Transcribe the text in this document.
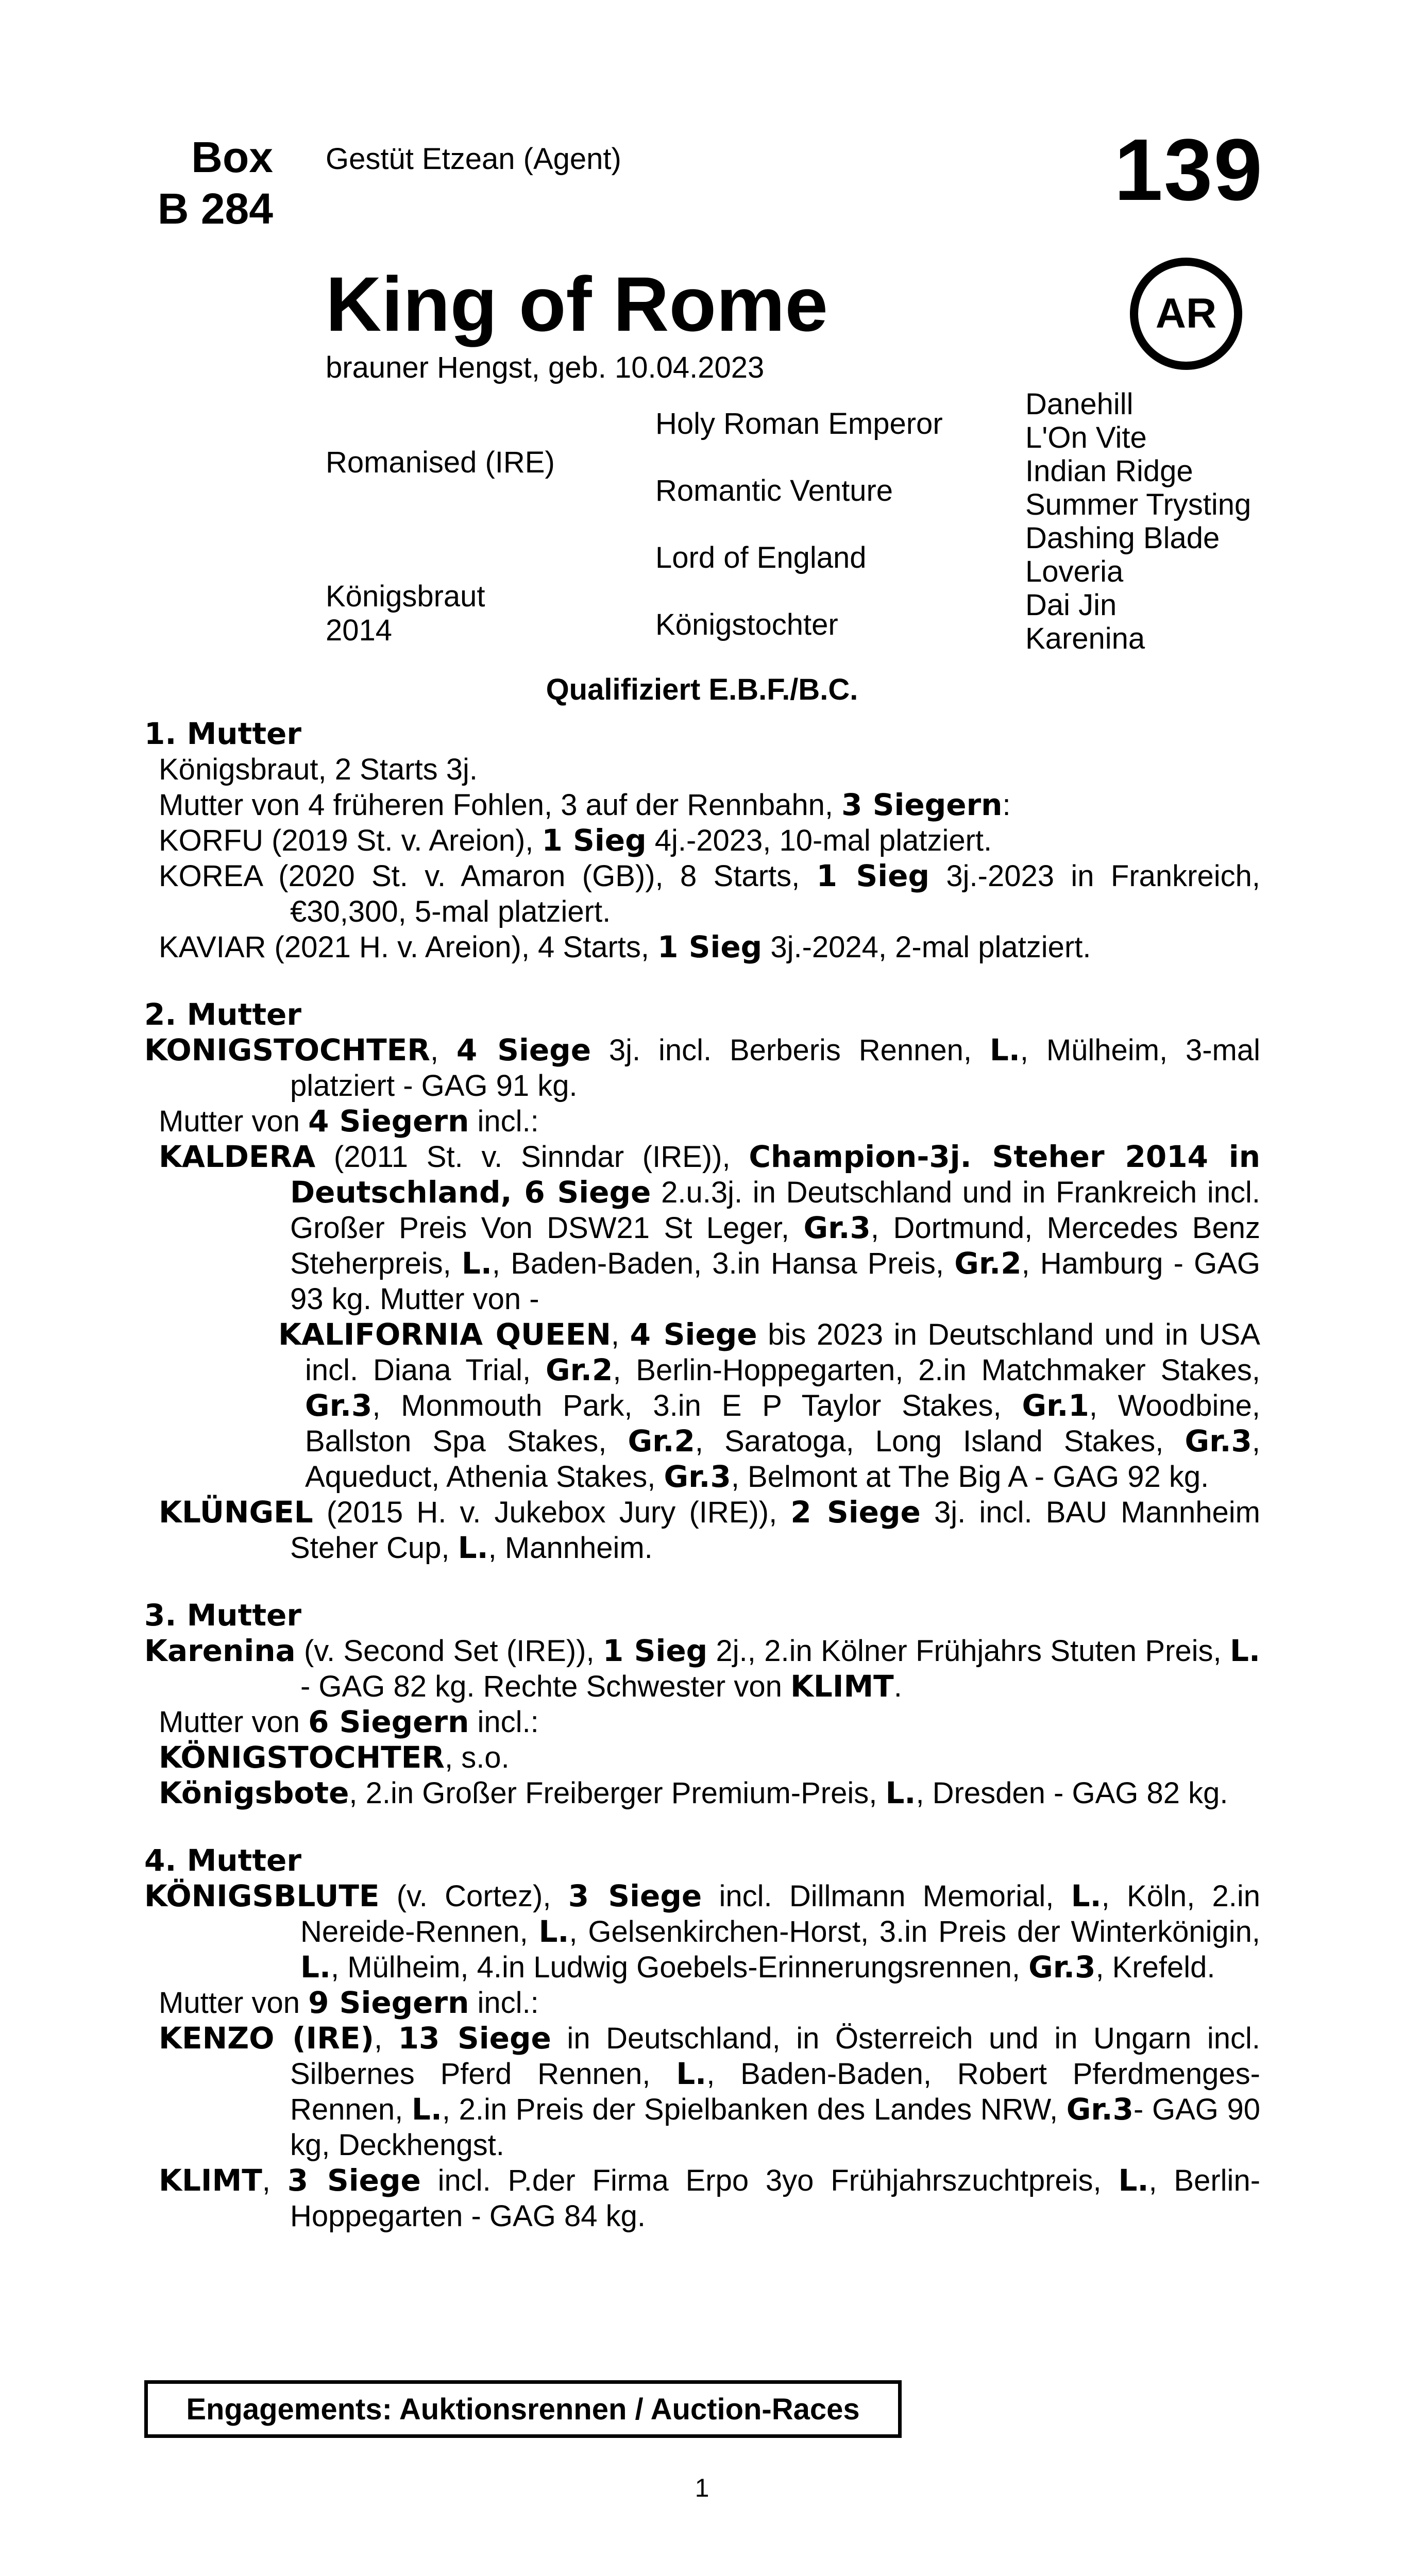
Box
B 284
Gestüt Etzean (Agent)	139
AR
King of Rome
brauner Hengst, geb. 10.04.2023
Romanised (IRE)
Königsbraut
2014
Holy Roman Emperor
Romantic Venture
Lord of England
Königstochter
Danehill
L'On Vite
Indian Ridge
Summer Trysting
Dashing Blade
Loveria
Dai Jin
Karenina
Qualifiziert E.B.F./B.C.

1. Mutter

Königsbraut, 2 Starts 3j.

Mutter von 4 früheren Fohlen, 3 auf der Rennbahn, 3 Siegern:

KORFU (2019 St. v. Areion), 1 Sieg 4j.-2023, 10-mal platziert.

KOREA (2020 St. v. Amaron (GB)), 8 Starts, 1 Sieg 3j.-2023 in Frankreich, €30,300, 5-mal platziert.

KAVIAR (2021 H. v. Areion), 4 Starts, 1 Sieg 3j.-2024, 2-mal platziert.

2. Mutter

KONIGSTOCHTER, 4 Siege 3j. incl. Berberis Rennen, L., Mülheim, 3-mal platziert - GAG 91 kg.

Mutter von 4 Siegern incl.:

KALDERA (2011 St. v. Sinndar (IRE)), Champion-3j. Steher 2014 in Deutschland, 6 Siege 2.u.3j. in Deutschland und in Frankreich incl. Großer Preis Von DSW21 St Leger, Gr.3, Dortmund, Mercedes Benz Steherpreis, L., Baden-Baden, 3.in Hansa Preis, Gr.2, Hamburg - GAG 93 kg. Mutter von -

KALIFORNIA QUEEN, 4 Siege bis 2023 in Deutschland und in USA incl. Diana Trial, Gr.2, Berlin-Hoppegarten, 2.in Matchmaker Stakes, Gr.3, Monmouth Park, 3.in E P Taylor Stakes, Gr.1, Woodbine, Ballston Spa Stakes, Gr.2, Saratoga, Long Island Stakes, Gr.3, Aqueduct, Athenia Stakes, Gr.3, Belmont at The Big A - GAG 92 kg.

KLÜNGEL (2015 H. v. Jukebox Jury (IRE)), 2 Siege 3j. incl. BAU Mannheim Steher Cup, L., Mannheim.

3. Mutter

Karenina (v. Second Set (IRE)), 1 Sieg 2j., 2.in Kölner Frühjahrs Stuten Preis, L. - GAG 82 kg. Rechte Schwester von KLIMT.

Mutter von 6 Siegern incl.:

KÖNIGSTOCHTER, s.o.

Königsbote, 2.in Großer Freiberger Premium-Preis, L., Dresden - GAG 82 kg.

4. Mutter

KÖNIGSBLUTE (v. Cortez), 3 Siege incl. Dillmann Memorial, L., Köln, 2.in Nereide-Rennen, L., Gelsenkirchen-Horst, 3.in Preis der Winterkönigin, L., Mülheim, 4.in Ludwig Goebels-Erinnerungsrennen, Gr.3, Krefeld.

Mutter von 9 Siegern incl.:

KENZO (IRE), 13 Siege in Deutschland, in Österreich und in Ungarn incl. Silbernes Pferd Rennen, L., Baden-Baden, Robert Pferdmenges-Rennen, L., 2.in Preis der Spielbanken des Landes NRW, Gr.3- GAG 90 kg, Deckhengst.

KLIMT, 3 Siege incl. P.der Firma Erpo 3yo Frühjahrszuchtpreis, L., Berlin-Hoppegarten - GAG 84 kg.

Engagements: Auktionsrennen / Auction-Races
1
